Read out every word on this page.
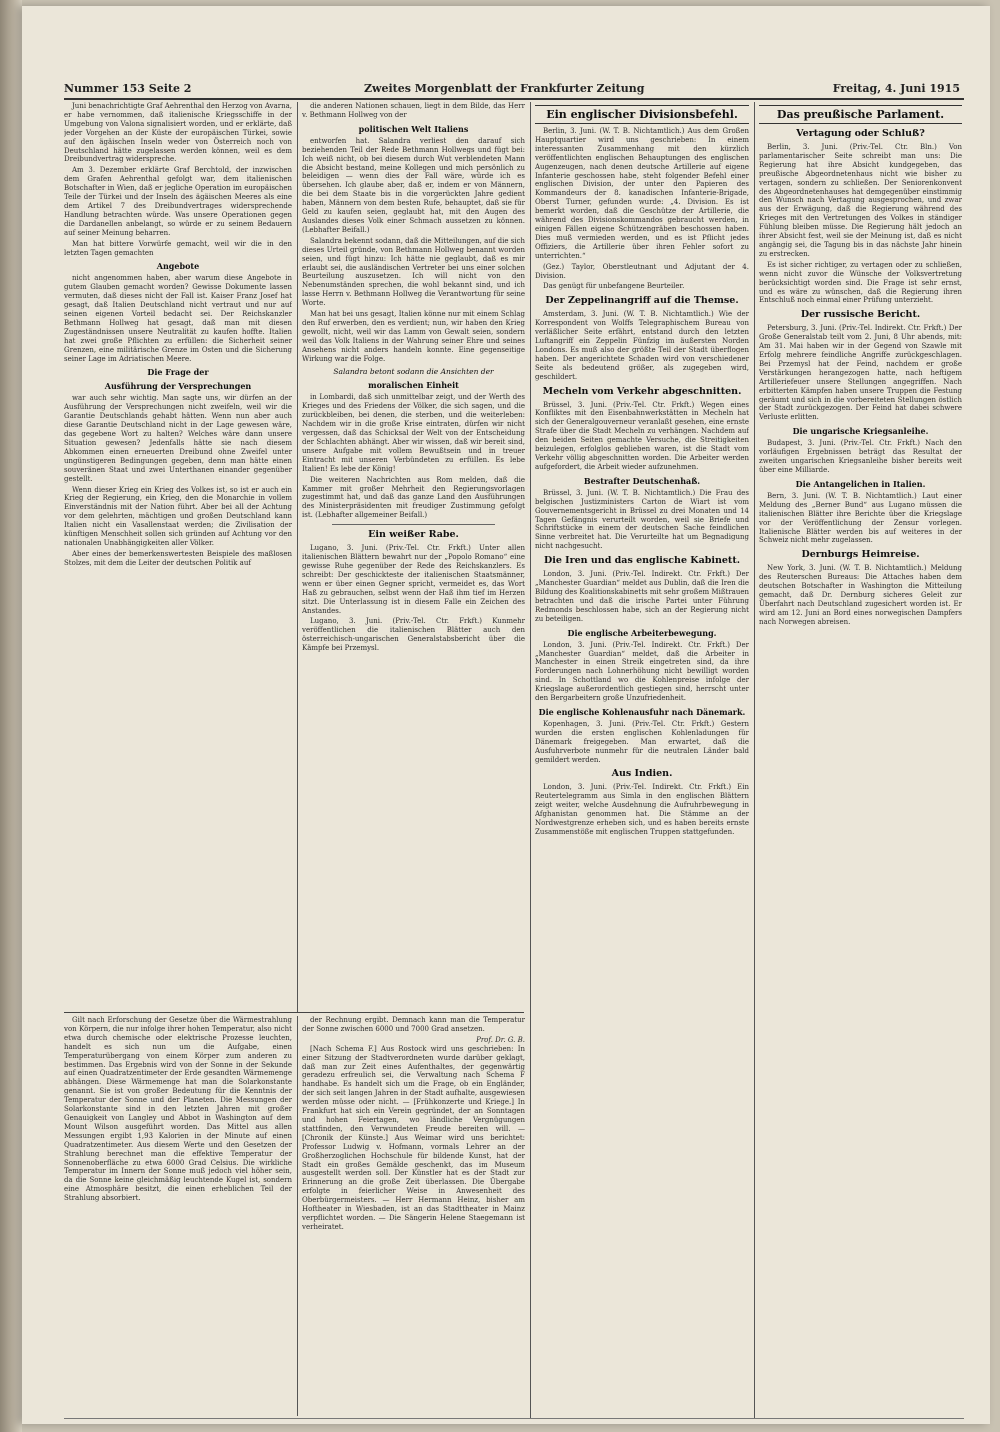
Nummer 153 Seite 2	Zweites Morgenblatt der Frankfurter Zeitung	Freitag, 4. Juni 1915

Juni benachrichtigte Graf Aehrenthal den Herzog von Avarna, er habe vernommen, daß italienische Kriegsschiffe in der Umgebung von Valona signalisiert worden, und er erklärte, daß jeder Vorgehen an der Küste der europäischen Türkei, sowie auf den ägäischen Inseln weder von Österreich noch von Deutschland hätte zugelassen werden können, weil es dem Dreibundvertrag widerspreche.

Am 3. Dezember erklärte Graf Berchtold, der inzwischen dem Grafen Aehrenthal gefolgt war, dem italienischen Botschafter in Wien, daß er jegliche Operation im europäischen Teile der Türkei und der Inseln des ägäischen Meeres als eine dem Artikel 7 des Dreibundvertrages widersprechende Handlung betrachten würde. Was unsere Operationen gegen die Dardanellen anbelangt, so würde er zu seinem Bedauern auf seiner Meinung beharren.

Man hat bittere Vorwürfe gemacht, weil wir die in den letzten Tagen gemachten

Angebote

nicht angenommen haben, aber warum diese Angebote in gutem Glauben gemacht worden? Gewisse Dokumente lassen vermuten, daß dieses nicht der Fall ist. Kaiser Franz Josef hat gesagt, daß Italien Deutschland nicht vertraut und nur auf seinen eigenen Vorteil bedacht sei. Der Reichskanzler Bethmann Hollweg hat gesagt, daß man mit diesen Zugeständnissen unsere Neutralität zu kaufen hoffte. Italien hat zwei große Pflichten zu erfüllen: die Sicherheit seiner Grenzen, eine militärische Grenze im Osten und die Sicherung seiner Lage im Adriatischen Meere.

Die Frage der
Ausführung der Versprechungen

war auch sehr wichtig. Man sagte uns, wir dürfen an der Ausführung der Versprechungen nicht zweifeln, weil wir die Garantie Deutschlands gehabt hätten. Wenn nun aber auch diese Garantie Deutschland nicht in der Lage gewesen wäre, das gegebene Wort zu halten? Welches wäre dann unsere Situation gewesen? Jedenfalls hätte sie nach diesem Abkommen einen erneuerten Dreibund ohne Zweifel unter ungünstigeren Bedingungen gegeben, denn man hätte einen souveränen Staat und zwei Unterthanen einander gegenüber gestellt.

Wenn dieser Krieg ein Krieg des Volkes ist, so ist er auch ein Krieg der Regierung, ein Krieg, den die Monarchie in vollem Einverständnis mit der Nation führt. Aber bei all der Achtung vor dem gelehrten, mächtigen und großen Deutschland kann Italien nicht ein Vasallenstaat werden; die Zivilisation der künftigen Menschheit sollen sich gründen auf Achtung vor den nationalen Unabhängigkeiten aller Völker.

Aber eines der bemerkenswertesten Beispiele des maßlosen Stolzes, mit dem die Leiter der deutschen Politik auf

die anderen Nationen schauen, liegt in dem Bilde, das Herr v. Bethmann Hollweg von der

politischen Welt Italiens

entworfen hat. Salandra verliest den darauf sich beziehenden Teil der Rede Bethmann Hollwegs und fügt bei: Ich weiß nicht, ob bei diesem durch Wut verblendeten Mann die Absicht bestand, meine Kollegen und mich persönlich zu beleidigen — wenn dies der Fall wäre, würde ich es übersehen. Ich glaube aber, daß er, indem er von Männern, die bei dem Staate bis in die vorgerückten Jahre gedient haben, Männern von dem besten Rufe, behauptet, daß sie für Geld zu kaufen seien, geglaubt hat, mit den Augen des Auslandes dieses Volk einer Schmach aussetzen zu können. (Lebhafter Beifall.)

Salandra bekennt sodann, daß die Mitteilungen, auf die sich dieses Urteil gründe, von Bethmann Hollweg benannt worden seien, und fügt hinzu: Ich hätte nie geglaubt, daß es mir erlaubt sei, die ausländischen Vertreter bei uns einer solchen Beurteilung auszusetzen. Ich will nicht von den Nebenumständen sprechen, die wohl bekannt sind, und ich lasse Herrn v. Bethmann Hollweg die Verantwortung für seine Worte.

Man hat bei uns gesagt, Italien könne nur mit einem Schlag den Ruf erwerben, den es verdient; nun, wir haben den Krieg gewollt, nicht, weil wir das Lamm von Gewalt seien, sondern weil das Volk Italiens in der Wahrung seiner Ehre und seines Ansehens nicht anders handeln konnte. Eine gegenseitige Wirkung war die Folge.

Salandra betont sodann die Ansichten der
moralischen Einheit

in Lombardi, daß sich unmittelbar zeigt, und der Werth des Krieges und des Friedens der Völker, die sich sagen, und die zurückbleiben, bei denen, die sterben, und die weiterleben: Nachdem wir in die große Krise eintraten, dürfen wir nicht vergessen, daß das Schicksal der Welt von der Entscheidung der Schlachten abhängt. Aber wir wissen, daß wir bereit sind, unsere Aufgabe mit vollem Bewußtsein und in treuer Eintracht mit unseren Verbündeten zu erfüllen. Es lebe Italien! Es lebe der König!

Die weiteren Nachrichten aus Rom melden, daß die Kammer mit großer Mehrheit den Regierungsvorlagen zugestimmt hat, und daß das ganze Land den Ausführungen des Ministerpräsidenten mit freudiger Zustimmung gefolgt ist. (Lebhafter allgemeiner Beifall.)

Ein weißer Rabe.

Lugano, 3. Juni. (Priv.-Tel. Ctr. Frkft.) Unter allen italienischen Blättern bewahrt nur der „Popolo Romano“ eine gewisse Ruhe gegenüber der Rede des Reichskanzlers. Es schreibt: Der geschickteste der italienischen Staatsmänner, wenn er über einen Gegner spricht, vermeidet es, das Wort Haß zu gebrauchen, selbst wenn der Haß ihm tief im Herzen sitzt. Die Unterlassung ist in diesem Falle ein Zeichen des Anstandes.

Lugano, 3. Juni. (Priv.-Tel. Ctr. Frkft.) Kunmehr veröffentlichen die italienischen Blätter auch den österreichisch-ungarischen Generalstabsbericht über die Kämpfe bei Przemysl.

Gilt nach Erforschung der Gesetze über die Wärmestrahlung von Körpern, die nur infolge ihrer hohen Temperatur, also nicht etwa durch chemische oder elektrische Prozesse leuchten, handelt es sich nun um die Aufgabe, einen Temperaturübergang von einem Körper zum anderen zu bestimmen. Das Ergebnis wird von der Sonne in der Sekunde auf einen Quadratzentimeter der Erde gesandten Wärmemenge abhängen. Diese Wärmemenge hat man die Solarkonstante genannt. Sie ist von großer Bedeutung für die Kenntnis der Temperatur der Sonne und der Planeten. Die Messungen der Solarkonstante sind in den letzten Jahren mit großer Genauigkeit von Langley und Abbot in Washington auf dem Mount Wilson ausgeführt worden. Das Mittel aus allen Messungen ergibt 1,93 Kalorien in der Minute auf einen Quadratzentimeter. Aus diesem Werte und den Gesetzen der Strahlung berechnet man die effektive Temperatur der Sonnenoberfläche zu etwa 6000 Grad Celsius. Die wirkliche Temperatur im Innern der Sonne muß jedoch viel höher sein, da die Sonne keine gleichmäßig leuchtende Kugel ist, sondern eine Atmosphäre besitzt, die einen erheblichen Teil der Strahlung absorbiert.

der Rechnung ergibt. Demnach kann man die Temperatur der Sonne zwischen 6000 und 7000 Grad ansetzen.

Prof. Dr. G. B.

[Nach Schema F.] Aus Rostock wird uns geschrieben: In einer Sitzung der Stadtverordneten wurde darüber geklagt, daß man zur Zeit eines Aufenthaltes, der gegenwärtig geradezu erfreulich sei, die Verwaltung nach Schema F handhabe. Es handelt sich um die Frage, ob ein Engländer, der sich seit langen Jahren in der Stadt aufhalte, ausgewiesen werden müsse oder nicht. — [Frühkonzerte und Kriege.] In Frankfurt hat sich ein Verein gegründet, der an Sonntagen und hohen Feiertagen, wo ländliche Vergnügungen stattfinden, den Verwundeten Freude bereiten will. — [Chronik der Künste.] Aus Weimar wird uns berichtet: Professor Ludwig v. Hofmann, vormals Lehrer an der Großherzoglichen Hochschule für bildende Kunst, hat der Stadt ein großes Gemälde geschenkt, das im Museum ausgestellt werden soll. Der Künstler hat es der Stadt zur Erinnerung an die große Zeit überlassen. Die Übergabe erfolgte in feierlicher Weise in Anwesenheit des Oberbürgermeisters. — Herr Hermann Heinz, bisher am Hoftheater in Wiesbaden, ist an das Stadttheater in Mainz verpflichtet worden. — Die Sängerin Helene Staegemann ist verheiratet.

Ein englischer Divisionsbefehl.

Berlin, 3. Juni. (W. T. B. Nichtamtlich.) Aus dem Großen Hauptquartier wird uns geschrieben: In einem interessanten Zusammenhang mit den kürzlich veröffentlichten englischen Behauptungen des englischen Augenzeugen, nach denen deutsche Artillerie auf eigene Infanterie geschossen habe, steht folgender Befehl einer englischen Division, der unter den Papieren des Kommandeurs der 8. kanadischen Infanterie-Brigade, Oberst Turner, gefunden wurde: „4. Division. Es ist bemerkt worden, daß die Geschütze der Artillerie, die während des Divisionskommandos gebraucht werden, in einigen Fällen eigene Schützengräben beschossen haben. Dies muß vermieden werden, und es ist Pflicht jedes Offiziers, die Artillerie über ihren Fehler sofort zu unterrichten.“

(Gez.) Taylor, Oberstleutnant und Adjutant der 4. Division.

Das genügt für unbefangene Beurteiler.

Der Zeppelinangriff auf die Themse.

Amsterdam, 3. Juni. (W. T. B. Nichtamtlich.) Wie der Korrespondent von Wolffs Telegraphischem Bureau von verläßlicher Seite erfährt, entstand durch den letzten Luftangriff ein Zeppelin Fünfzig im äußersten Norden Londons. Es muß also der größte Teil der Stadt überflogen haben. Der angerichtete Schaden wird von verschiedener Seite als bedeutend größer, als zugegeben wird, geschildert.

Mecheln vom Verkehr abgeschnitten.

Brüssel, 3. Juni. (Priv.-Tel. Ctr. Frkft.) Wegen eines Konfliktes mit den Eisenbahnwerkstätten in Mecheln hat sich der Generalgouverneur veranlaßt gesehen, eine ernste Strafe über die Stadt Mecheln zu verhängen. Nachdem auf den beiden Seiten gemachte Versuche, die Streitigkeiten beizulegen, erfolglos geblieben waren, ist die Stadt vom Verkehr völlig abgeschnitten worden. Die Arbeiter werden aufgefordert, die Arbeit wieder aufzunehmen.

Bestrafter Deutschenhaß.

Brüssel, 3. Juni. (W. T. B. Nichtamtlich.) Die Frau des belgischen Justizministers Carton de Wiart ist vom Gouvernementsgericht in Brüssel zu drei Monaten und 14 Tagen Gefängnis verurteilt worden, weil sie Briefe und Schriftstücke in einem der deutschen Sache feindlichen Sinne verbreitet hat. Die Verurteilte hat um Begnadigung nicht nachgesucht.

Die Iren und das englische Kabinett.

London, 3. Juni. (Priv.-Tel. Indirekt. Ctr. Frkft.) Der „Manchester Guardian“ meldet aus Dublin, daß die Iren die Bildung des Koalitionskabinetts mit sehr großem Mißtrauen betrachten und daß die irische Partei unter Führung Redmonds beschlossen habe, sich an der Regierung nicht zu beteiligen.

Die englische Arbeiterbewegung.

London, 3. Juni. (Priv.-Tel. Indirekt. Ctr. Frkft.) Der „Manchester Guardian“ meldet, daß die Arbeiter in Manchester in einen Streik eingetreten sind, da ihre Forderungen nach Lohnerhöhung nicht bewilligt worden sind. In Schottland wo die Kohlenpreise infolge der Kriegslage außerordentlich gestiegen sind, herrscht unter den Bergarbeitern große Unzufriedenheit.

Die englische Kohlenausfuhr nach Dänemark.

Kopenhagen, 3. Juni. (Priv.-Tel. Ctr. Frkft.) Gestern wurden die ersten englischen Kohlenladungen für Dänemark freigegeben. Man erwartet, daß die Ausfuhrverbote nunmehr für die neutralen Länder bald gemildert werden.

Aus Indien.

London, 3. Juni. (Priv.-Tel. Indirekt. Ctr. Frkft.) Ein Reutertelegramm aus Simla in den englischen Blättern zeigt weiter, welche Ausdehnung die Aufruhrbewegung in Afghanistan genommen hat. Die Stämme an der Nordwestgrenze erheben sich, und es haben bereits ernste Zusammenstöße mit englischen Truppen stattgefunden.

Das preußische Parlament.
Vertagung oder Schluß?

Berlin, 3. Juni. (Priv.-Tel. Ctr. Bln.) Von parlamentarischer Seite schreibt man uns: Die Regierung hat ihre Absicht kundgegeben, das preußische Abgeordnetenhaus nicht wie bisher zu vertagen, sondern zu schließen. Der Seniorenkonvent des Abgeordnetenhauses hat demgegenüber einstimmig den Wunsch nach Vertagung ausgesprochen, und zwar aus der Erwägung, daß die Regierung während des Krieges mit den Vertretungen des Volkes in ständiger Fühlung bleiben müsse. Die Regierung hält jedoch an ihrer Absicht fest, weil sie der Meinung ist, daß es nicht angängig sei, die Tagung bis in das nächste Jahr hinein zu erstrecken.

Es ist sicher richtiger, zu vertagen oder zu schließen, wenn nicht zuvor die Wünsche der Volksvertretung berücksichtigt worden sind. Die Frage ist sehr ernst, und es wäre zu wünschen, daß die Regierung ihren Entschluß noch einmal einer Prüfung unterzieht.

Der russische Bericht.

Petersburg, 3. Juni. (Priv.-Tel. Indirekt. Ctr. Frkft.) Der Große Generalstab teilt vom 2. Juni, 8 Uhr abends, mit: Am 31. Mai haben wir in der Gegend von Szawle mit Erfolg mehrere feindliche Angriffe zurückgeschlagen. Bei Przemysl hat der Feind, nachdem er große Verstärkungen herangezogen hatte, nach heftigem Artilleriefeuer unsere Stellungen angegriffen. Nach erbitterten Kämpfen haben unsere Truppen die Festung geräumt und sich in die vorbereiteten Stellungen östlich der Stadt zurückgezogen. Der Feind hat dabei schwere Verluste erlitten.

Die ungarische Kriegsanleihe.

Budapest, 3. Juni. (Priv.-Tel. Ctr. Frkft.) Nach den vorläufigen Ergebnissen beträgt das Resultat der zweiten ungarischen Kriegsanleihe bisher bereits weit über eine Milliarde.

Die Antangelichen in Italien.

Bern, 3. Juni. (W. T. B. Nichtamtlich.) Laut einer Meldung des „Berner Bund“ aus Lugano müssen die italienischen Blätter ihre Berichte über die Kriegslage vor der Veröffentlichung der Zensur vorlegen. Italienische Blätter werden bis auf weiteres in der Schweiz nicht mehr zugelassen.

Dernburgs Heimreise.

New York, 3. Juni. (W. T. B. Nichtamtlich.) Meldung des Reuterschen Bureaus: Die Attaches haben dem deutschen Botschafter in Washington die Mitteilung gemacht, daß Dr. Dernburg sicheres Geleit zur Überfahrt nach Deutschland zugesichert worden ist. Er wird am 12. Juni an Bord eines norwegischen Dampfers nach Norwegen abreisen.
